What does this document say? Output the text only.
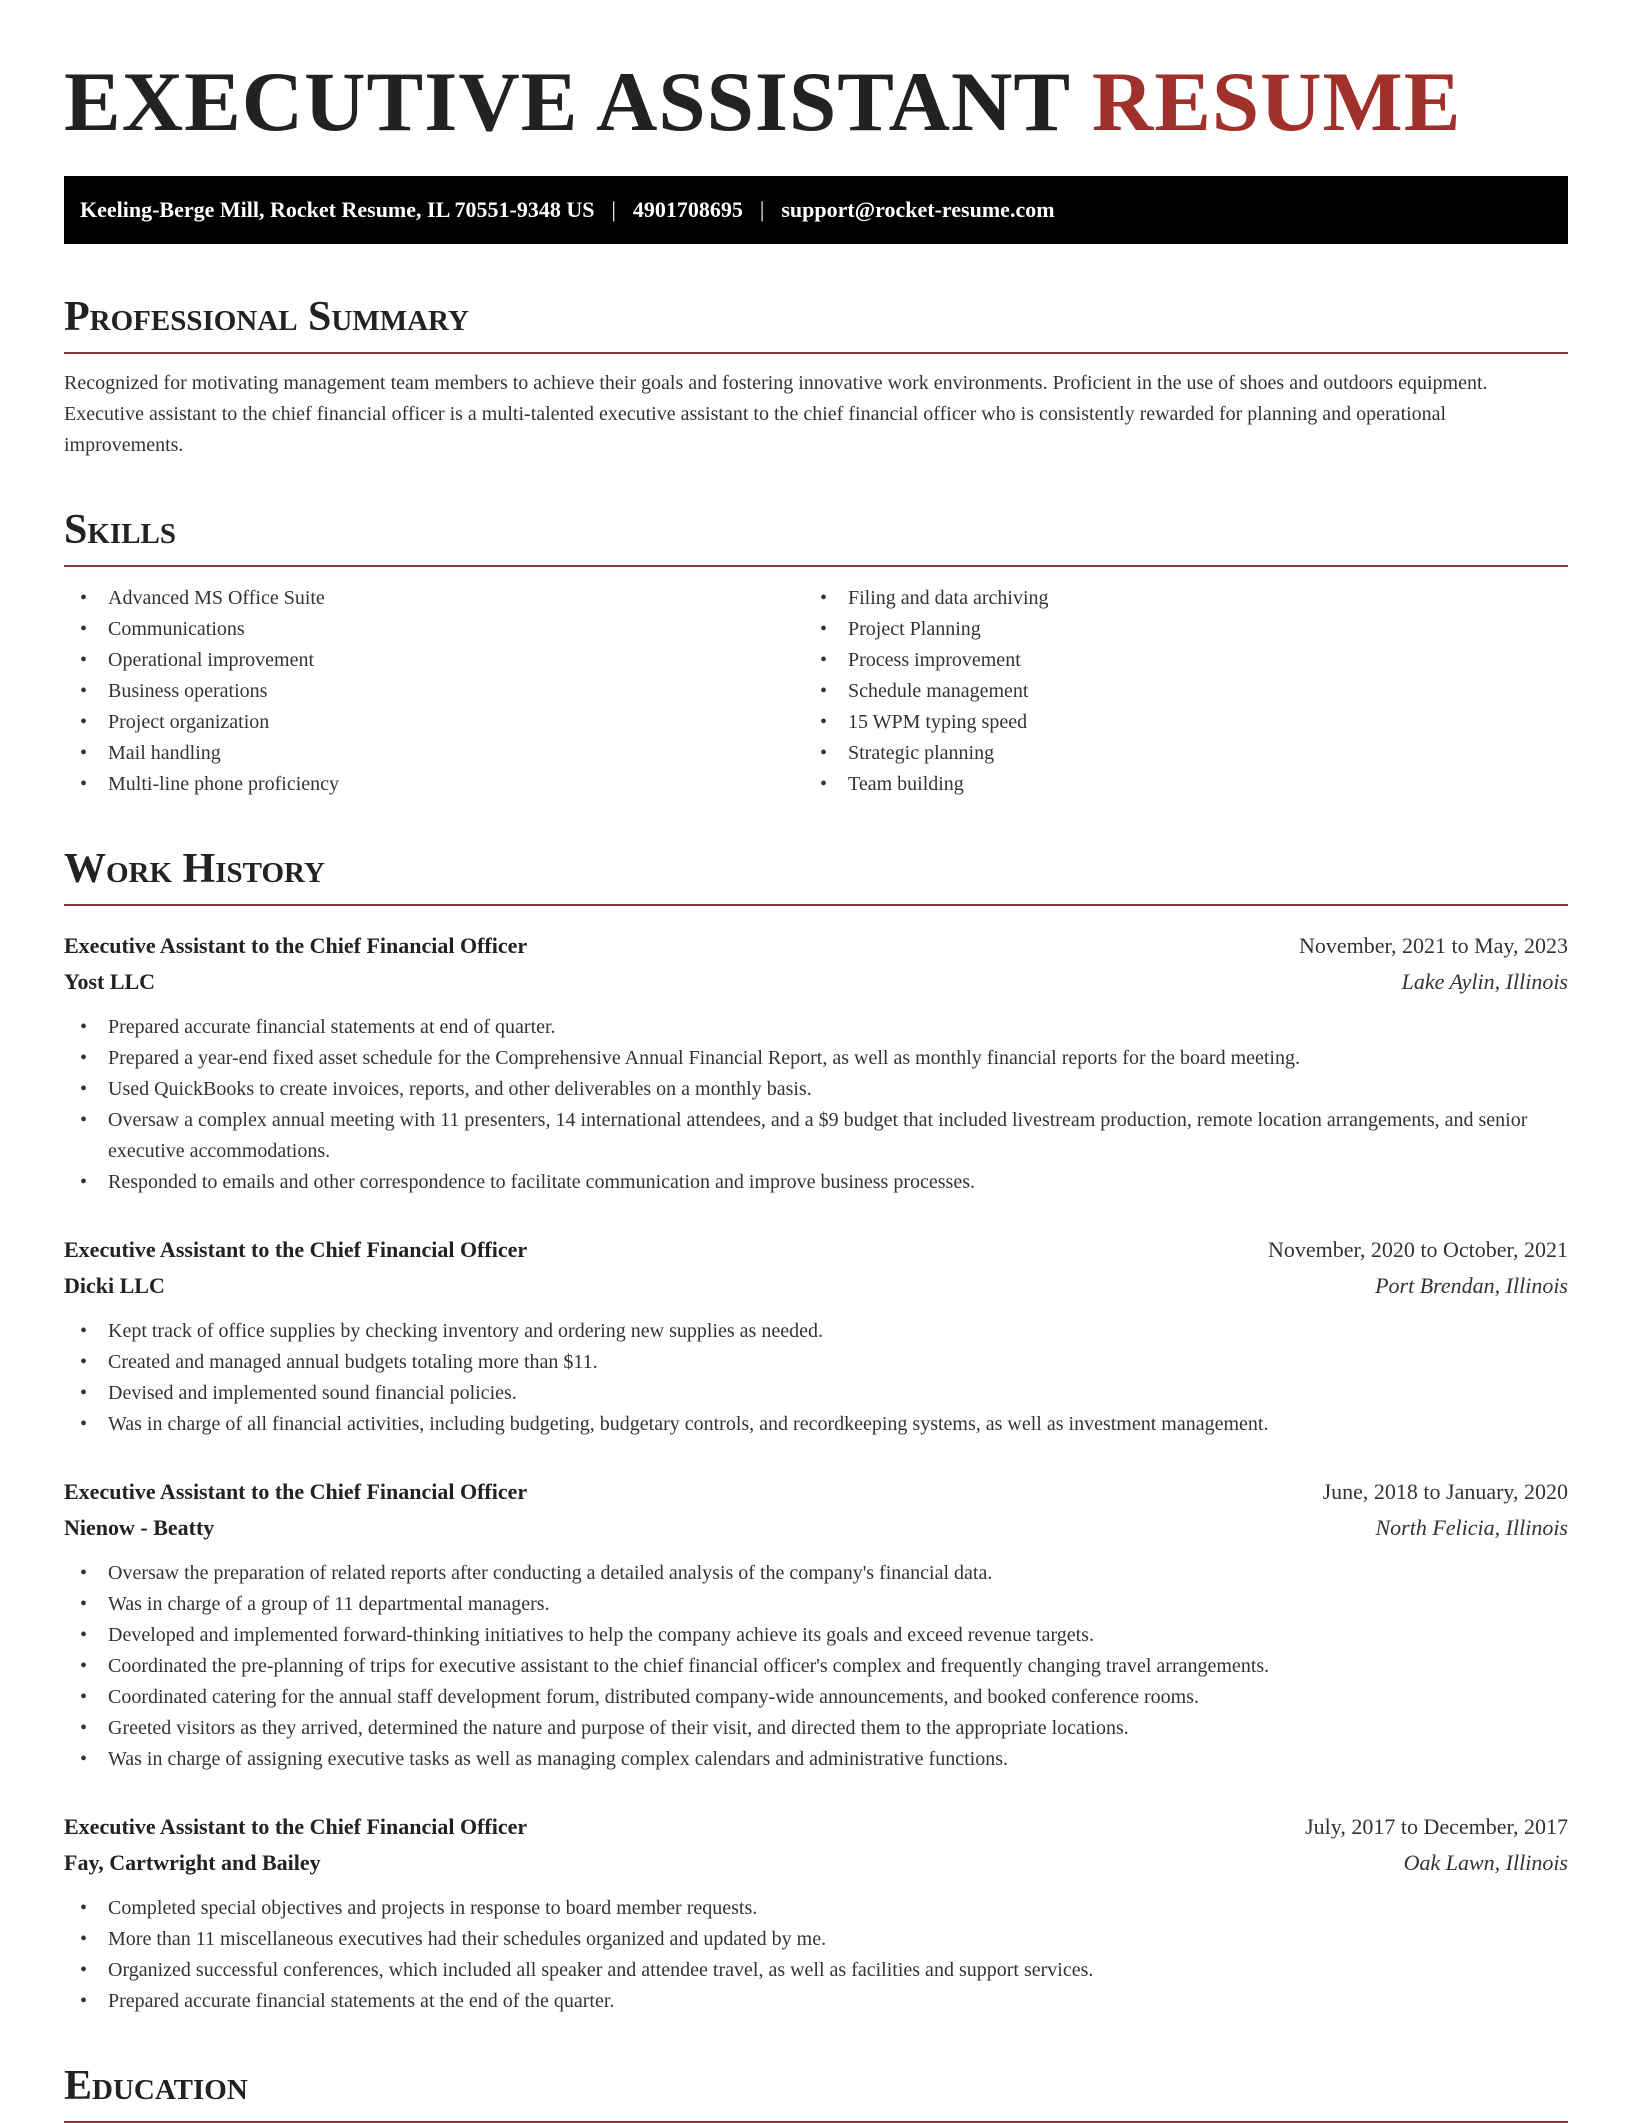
EXECUTIVE ASSISTANT RESUME
Keeling-Berge Mill, Rocket Resume, IL 70551-9348 US | 4901708695 | support@rocket-resume.com
Professional Summary

Recognized for motivating management team members to achieve their goals and fostering innovative work environments. Proficient in the use of shoes and outdoors equipment. Executive assistant to the chief financial officer is a multi-talented executive assistant to the chief financial officer who is consistently rewarded for planning and operational improvements.

Skills
• Advanced MS Office Suite
• Communications
• Operational improvement
• Business operations
• Project organization
• Mail handling
• Multi-line phone proficiency
• Filing and data archiving
• Project Planning
• Process improvement
• Schedule management
• 15 WPM typing speed
• Strategic planning
• Team building
Work History
Executive Assistant to the Chief Financial Officer	November, 2021 to May, 2023
Yost LLC	Lake Aylin, Illinois
• Prepared accurate financial statements at end of quarter.
• Prepared a year-end fixed asset schedule for the Comprehensive Annual Financial Report, as well as monthly financial reports for the board meeting.
• Used QuickBooks to create invoices, reports, and other deliverables on a monthly basis.
• Oversaw a complex annual meeting with 11 presenters, 14 international attendees, and a $9 budget that included livestream production, remote location arrangements, and senior executive accommodations.
• Responded to emails and other correspondence to facilitate communication and improve business processes.
Executive Assistant to the Chief Financial Officer	November, 2020 to October, 2021
Dicki LLC	Port Brendan, Illinois
• Kept track of office supplies by checking inventory and ordering new supplies as needed.
• Created and managed annual budgets totaling more than $11.
• Devised and implemented sound financial policies.
• Was in charge of all financial activities, including budgeting, budgetary controls, and recordkeeping systems, as well as investment management.
Executive Assistant to the Chief Financial Officer	June, 2018 to January, 2020
Nienow - Beatty	North Felicia, Illinois
• Oversaw the preparation of related reports after conducting a detailed analysis of the company's financial data.
• Was in charge of a group of 11 departmental managers.
• Developed and implemented forward-thinking initiatives to help the company achieve its goals and exceed revenue targets.
• Coordinated the pre-planning of trips for executive assistant to the chief financial officer's complex and frequently changing travel arrangements.
• Coordinated catering for the annual staff development forum, distributed company-wide announcements, and booked conference rooms.
• Greeted visitors as they arrived, determined the nature and purpose of their visit, and directed them to the appropriate locations.
• Was in charge of assigning executive tasks as well as managing complex calendars and administrative functions.
Executive Assistant to the Chief Financial Officer	July, 2017 to December, 2017
Fay, Cartwright and Bailey	Oak Lawn, Illinois
• Completed special objectives and projects in response to board member requests.
• More than 11 miscellaneous executives had their schedules organized and updated by me.
• Organized successful conferences, which included all speaker and attendee travel, as well as facilities and support services.
• Prepared accurate financial statements at the end of the quarter.
Education
